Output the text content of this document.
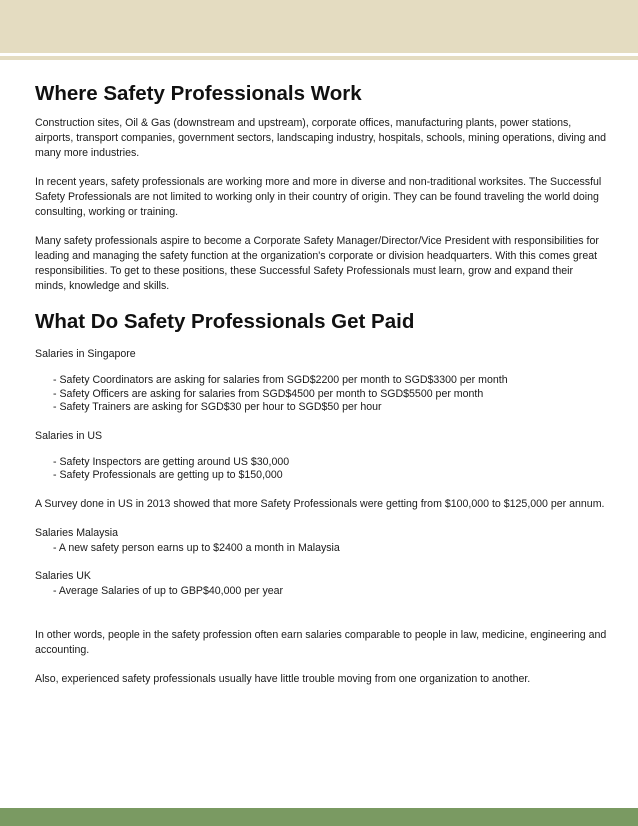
Where Safety Professionals Work

Construction sites, Oil & Gas (downstream and upstream), corporate offices, manufacturing plants, power stations, airports, transport companies, government sectors, landscaping industry, hospitals, schools, mining operations, diving and many more industries.

In recent years, safety professionals are working more and more in diverse and non-traditional worksites. The Successful Safety Professionals are not limited to working only in their country of origin. They can be found traveling the world doing consulting, working or training.

Many safety professionals aspire to become a Corporate Safety Manager/Director/Vice President with responsibilities for leading and managing the safety function at the organization's corporate or division headquarters. With this comes great responsibilities. To get to these positions, these Successful Safety Professionals must learn, grow and expand their minds, knowledge and skills.

What Do Safety Professionals Get Paid

Salaries in Singapore

- Safety Coordinators are asking for salaries from SGD$2200 per month to SGD$3300 per month
- Safety Officers are asking for salaries from SGD$4500 per month to SGD$5500 per month
- Safety Trainers are asking for SGD$30 per hour to SGD$50 per hour

Salaries in US

- Safety Inspectors are getting around US $30,000
- Safety Professionals are getting up to $150,000

A Survey done in US in 2013 showed that more Safety Professionals were getting from $100,000 to $125,000 per annum.

Salaries Malaysia

- A new safety person earns up to $2400 a month in Malaysia

Salaries UK

- Average Salaries of up to GBP$40,000 per year

In other words, people in the safety profession often earn salaries comparable to people in law, medicine, engineering and accounting.

Also, experienced safety professionals usually have little trouble moving from one organization to another.
